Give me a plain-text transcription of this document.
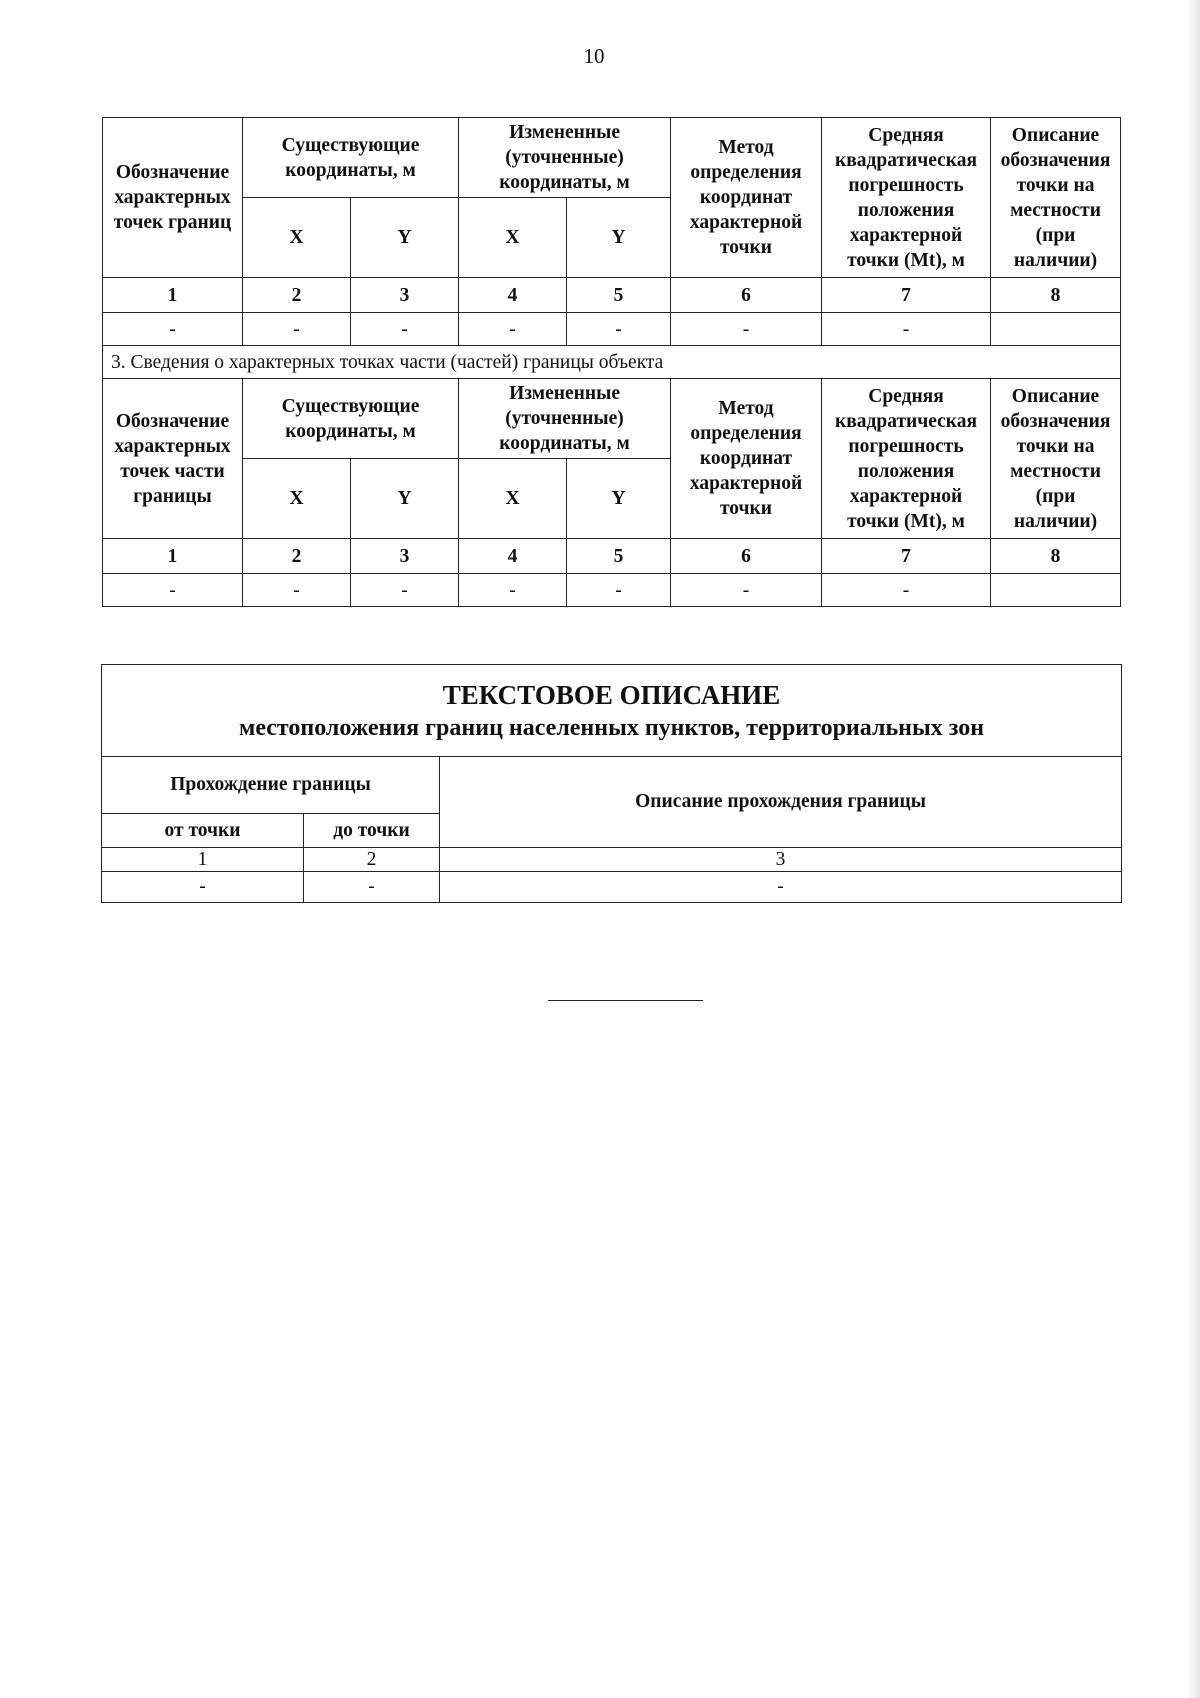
10
Обозначение характерных точек границ	Существующие координаты, м		Измененные (уточненные) координаты, м		Метод определения координат характерной точки	Средняя квадратическая погрешность положения характерной точки (Mt), м	Описание обозначения точки на местности (при наличии)
	X	Y	X	Y			
1	2	3	4	5	6	7	8
-	-	-	-	-	-	-	
3. Сведения о характерных точках части (частей) границы объекта							
Обозначение характерных точек части границы	Существующие координаты, м		Измененные (уточненные) координаты, м		Метод определения координат характерной точки	Средняя квадратическая погрешность положения характерной точки (Mt), м	Описание обозначения точки на местности (при наличии)
	X	Y	X	Y			
1	2	3	4	5	6	7	8
-	-	-	-	-	-	-	
ТЕКСТОВОЕ ОПИСАНИЕ
местоположения границ населенных пунктов, территориальных зон		

Прохождение границы		Описание прохождения границы
от точки	до точки	
1	2	3
-	-	-
